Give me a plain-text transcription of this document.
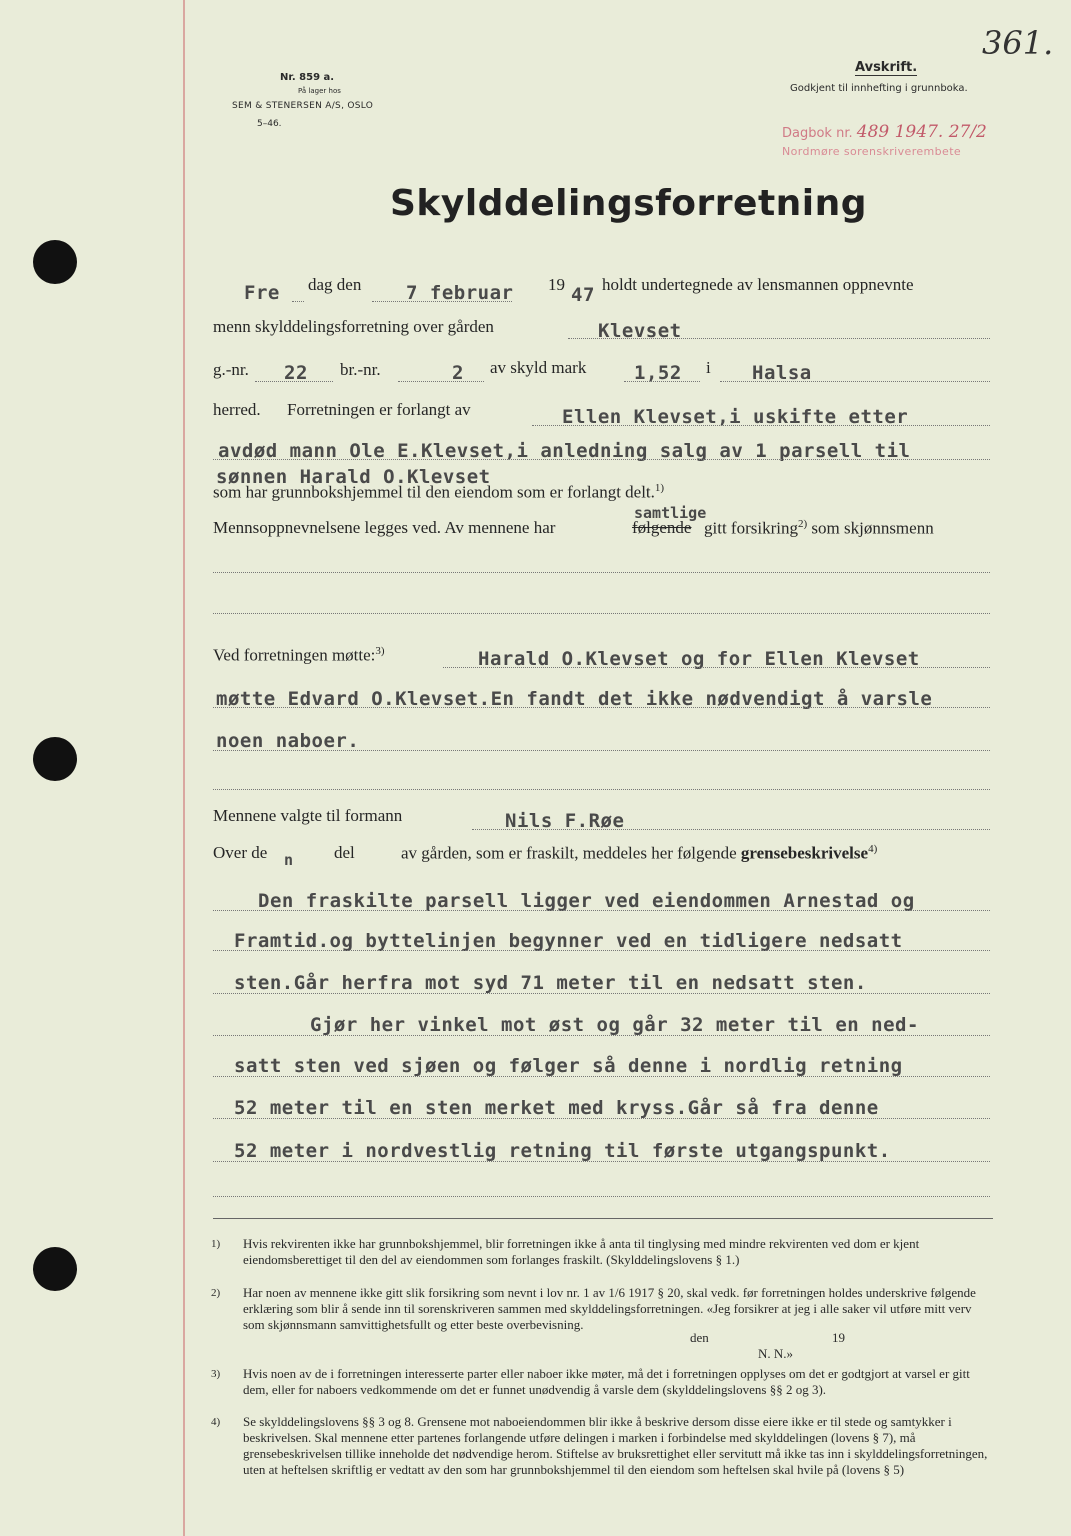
Nr. 859 a.
På lager hos
SEM & STENERSEN A/S, OSLO
5–46.
Avskrift.
Godkjent til innhefting i grunnboka.
Dagbok nr. 489 1947. 27/2
Nordmøre sorenskriverembete
361.
Skylddelingsforretning
Fre dag den 7 februar 19 47 holdt undertegnede av lensmannen oppnevnte
menn skylddelingsforretning over gården	Klevset
g.-nr. 22 br.-nr.	2 av skyld mark	1,52 i Halsa
herred. Forretningen er forlangt av	Ellen Klevset,i uskifte etter
avdød mann Ole E.Klevset,i anledning salg av 1 parsell til
sønnen Harald O.Klevset
som har grunnbokshjemmel til den eiendom som er forlangt delt.$^{1)}$
Mennsoppnevnelsene legges ved. Av mennene har	følgende
samtlige
gitt forsikring$^{2)}$ som skjønnsmenn
Ved forretningen møtte:$^{3)}$	Harald O.Klevset og for Ellen Klevset
møtte Edvard O.Klevset.En fandt det ikke nødvendigt å varsle
noen naboer.
Mennene valgte til formann	Nils F.Røe
Over de n del	av gården, som er fraskilt, meddeles her følgende grensebeskrivelse$^{4)}$
Den fraskilte parsell ligger ved eiendommen Arnestad og
Framtid.og byttelinjen begynner ved en tidligere nedsatt
sten.Går herfra mot syd 71 meter til en nedsatt sten.
Gjør her vinkel mot øst og går 32 meter til en ned-
satt sten ved sjøen og følger så denne i nordlig retning
52 meter til en sten merket med kryss.Går så fra denne
52 meter i nordvestlig retning til første utgangspunkt.
1) Hvis rekvirenten ikke har grunnbokshjemmel, blir forretningen ikke å anta til tinglysing med mindre rekvirenten ved dom er kjent eiendomsberettiget til den del av eiendommen som forlanges fraskilt. (Skylddelingslovens § 1.)
2) Har noen av mennene ikke gitt slik forsikring som nevnt i lov nr. 1 av 1/6 1917 § 20, skal vedk. før forretningen holdes underskrive følgende erklæring som blir å sende inn til sorenskriveren sammen med skylddelingsforretningen. «Jeg forsikrer at jeg i alle saker vil utføre mitt verv som skjønnsmann samvittighetsfullt og etter beste overbevisning.
den	19
N. N.»
3) Hvis noen av de i forretningen interesserte parter eller naboer ikke møter, må det i forretningen opplyses om det er godtgjort at varsel er gitt dem, eller for naboers vedkommende om det er funnet unødvendig å varsle dem (skylddelingslovens §§ 2 og 3).
4) Se skylddelingslovens §§ 3 og 8. Grensene mot naboeiendommen blir ikke å beskrive dersom disse eiere ikke er til stede og samtykker i beskrivelsen. Skal mennene etter partenes forlangende utføre delingen i marken i forbindelse med skylddelingen (lovens § 7), må grensebeskrivelsen tillike inneholde det nødvendige herom. Stiftelse av bruksrettighet eller servitutt må ikke tas inn i skylddelingsforretningen, uten at heftelsen skriftlig er vedtatt av den som har grunnbokshjemmel til den eiendom som heftelsen skal hvile på (lovens § 5)
